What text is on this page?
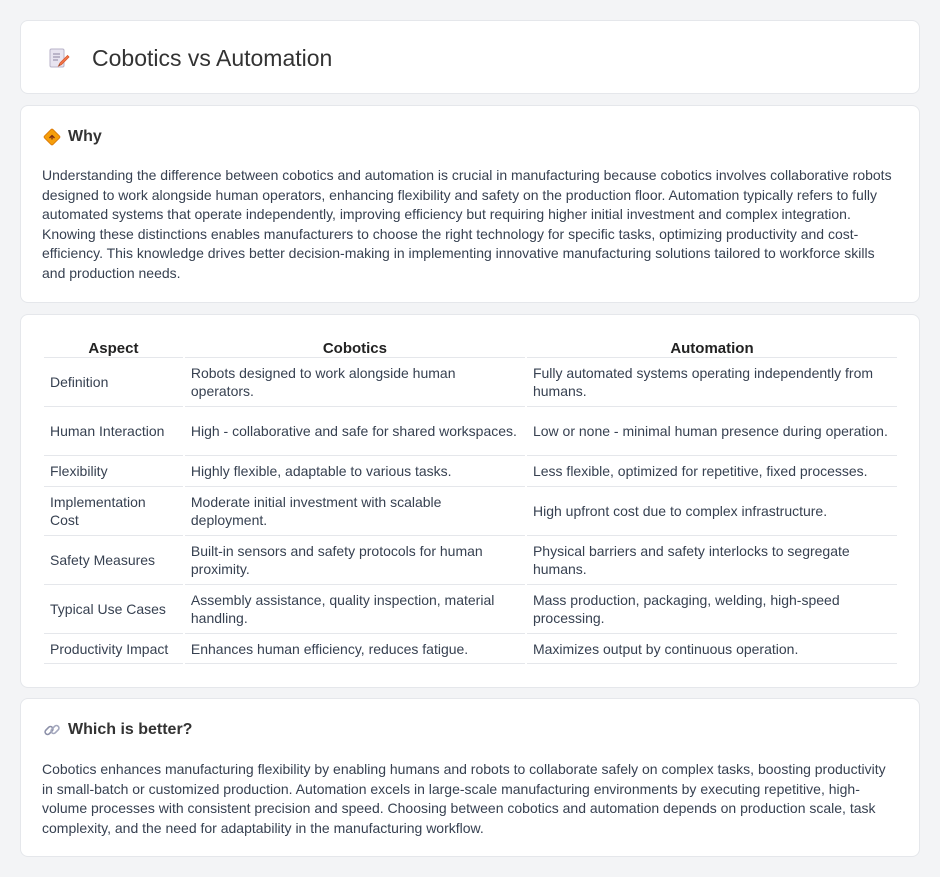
Cobotics vs Automation
Why

Understanding the difference between cobotics and automation is crucial in manufacturing because cobotics involves collaborative robots designed to work alongside human operators, enhancing flexibility and safety on the production floor. Automation typically refers to fully automated systems that operate independently, improving efficiency but requiring higher initial investment and complex integration. Knowing these distinctions enables manufacturers to choose the right technology for specific tasks, optimizing productivity and cost-efficiency. This knowledge drives better decision-making in implementing innovative manufacturing solutions tailored to workforce skills and production needs.

Aspect	Cobotics	Automation
Definition	Robots designed to work alongside human operators.	Fully automated systems operating independently from humans.
Human Interaction	High - collaborative and safe for shared workspaces.	Low or none - minimal human presence during operation.
Flexibility	Highly flexible, adaptable to various tasks.	Less flexible, optimized for repetitive, fixed processes.
Implementation Cost	Moderate initial investment with scalable deployment.	High upfront cost due to complex infrastructure.
Safety Measures	Built-in sensors and safety protocols for human proximity.	Physical barriers and safety interlocks to segregate humans.
Typical Use Cases	Assembly assistance, quality inspection, material handling.	Mass production, packaging, welding, high-speed processing.
Productivity Impact	Enhances human efficiency, reduces fatigue.	Maximizes output by continuous operation.
Which is better?

Cobotics enhances manufacturing flexibility by enabling humans and robots to collaborate safely on complex tasks, boosting productivity in small-batch or customized production. Automation excels in large-scale manufacturing environments by executing repetitive, high-volume processes with consistent precision and speed. Choosing between cobotics and automation depends on production scale, task complexity, and the need for adaptability in the manufacturing workflow.
